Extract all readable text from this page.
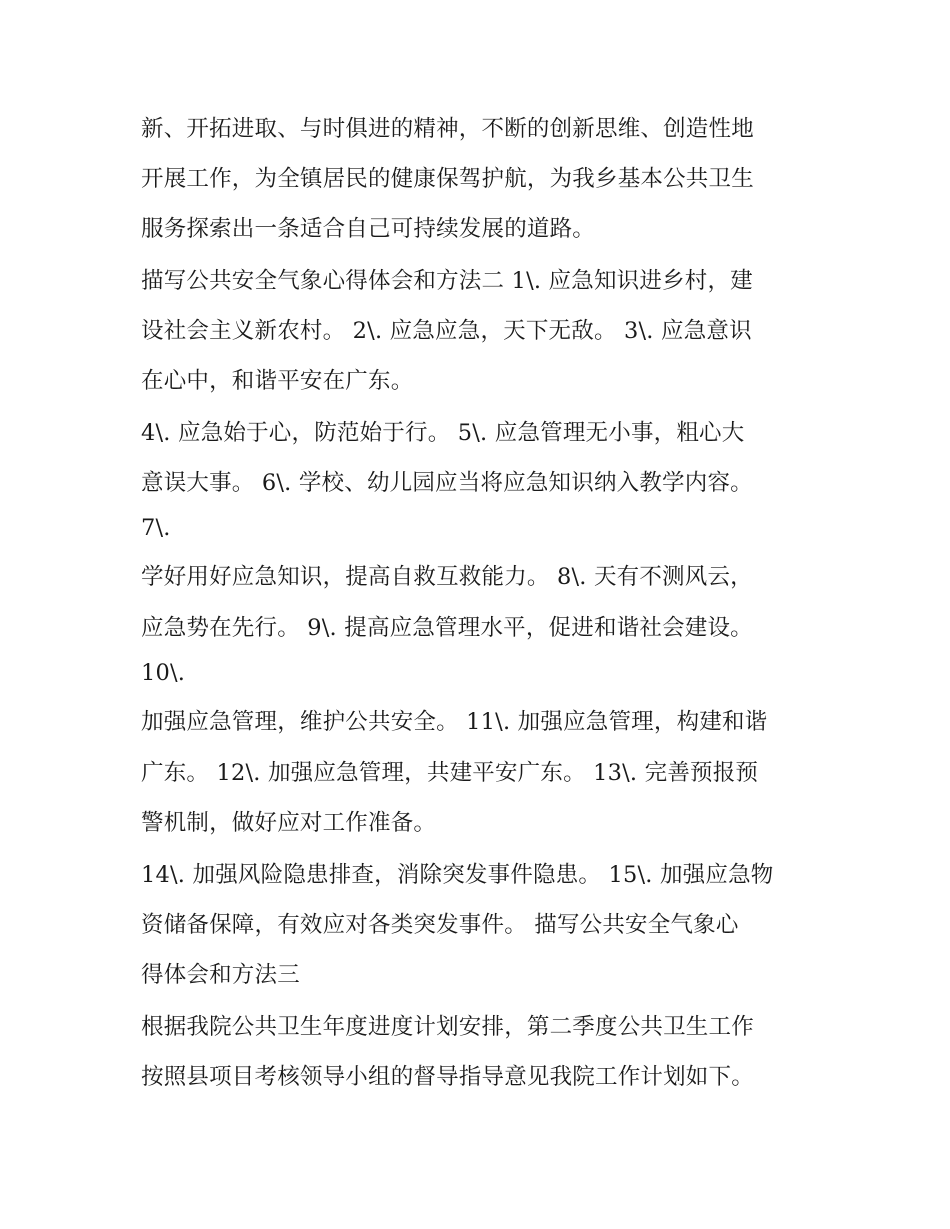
新、开拓进取、与时俱进的精神，不断的创新思维、创造性地
开展工作，为全镇居民的健康保驾护航，为我乡基本公共卫生
服务探索出一条适合自己可持续发展的道路。
描写公共安全气象心得体会和方法二 1\. 应急知识进乡村，建
设社会主义新农村。 2\. 应急应急，天下无敌。 3\. 应急意识
在心中，和谐平安在广东。
4\. 应急始于心，防范始于行。 5\. 应急管理无小事，粗心大
意误大事。 6\. 学校、幼儿园应当将应急知识纳入教学内容。
7\.
学好用好应急知识，提高自救互救能力。 8\. 天有不测风云，
应急势在先行。 9\. 提高应急管理水平，促进和谐社会建设。
10\.
加强应急管理，维护公共安全。 11\. 加强应急管理，构建和谐
广东。 12\. 加强应急管理，共建平安广东。 13\. 完善预报预
警机制，做好应对工作准备。
14\. 加强风险隐患排查，消除突发事件隐患。 15\. 加强应急物
资储备保障，有效应对各类突发事件。 描写公共安全气象心
得体会和方法三
根据我院公共卫生年度进度计划安排，第二季度公共卫生工作
按照县项目考核领导小组的督导指导意见我院工作计划如下。
